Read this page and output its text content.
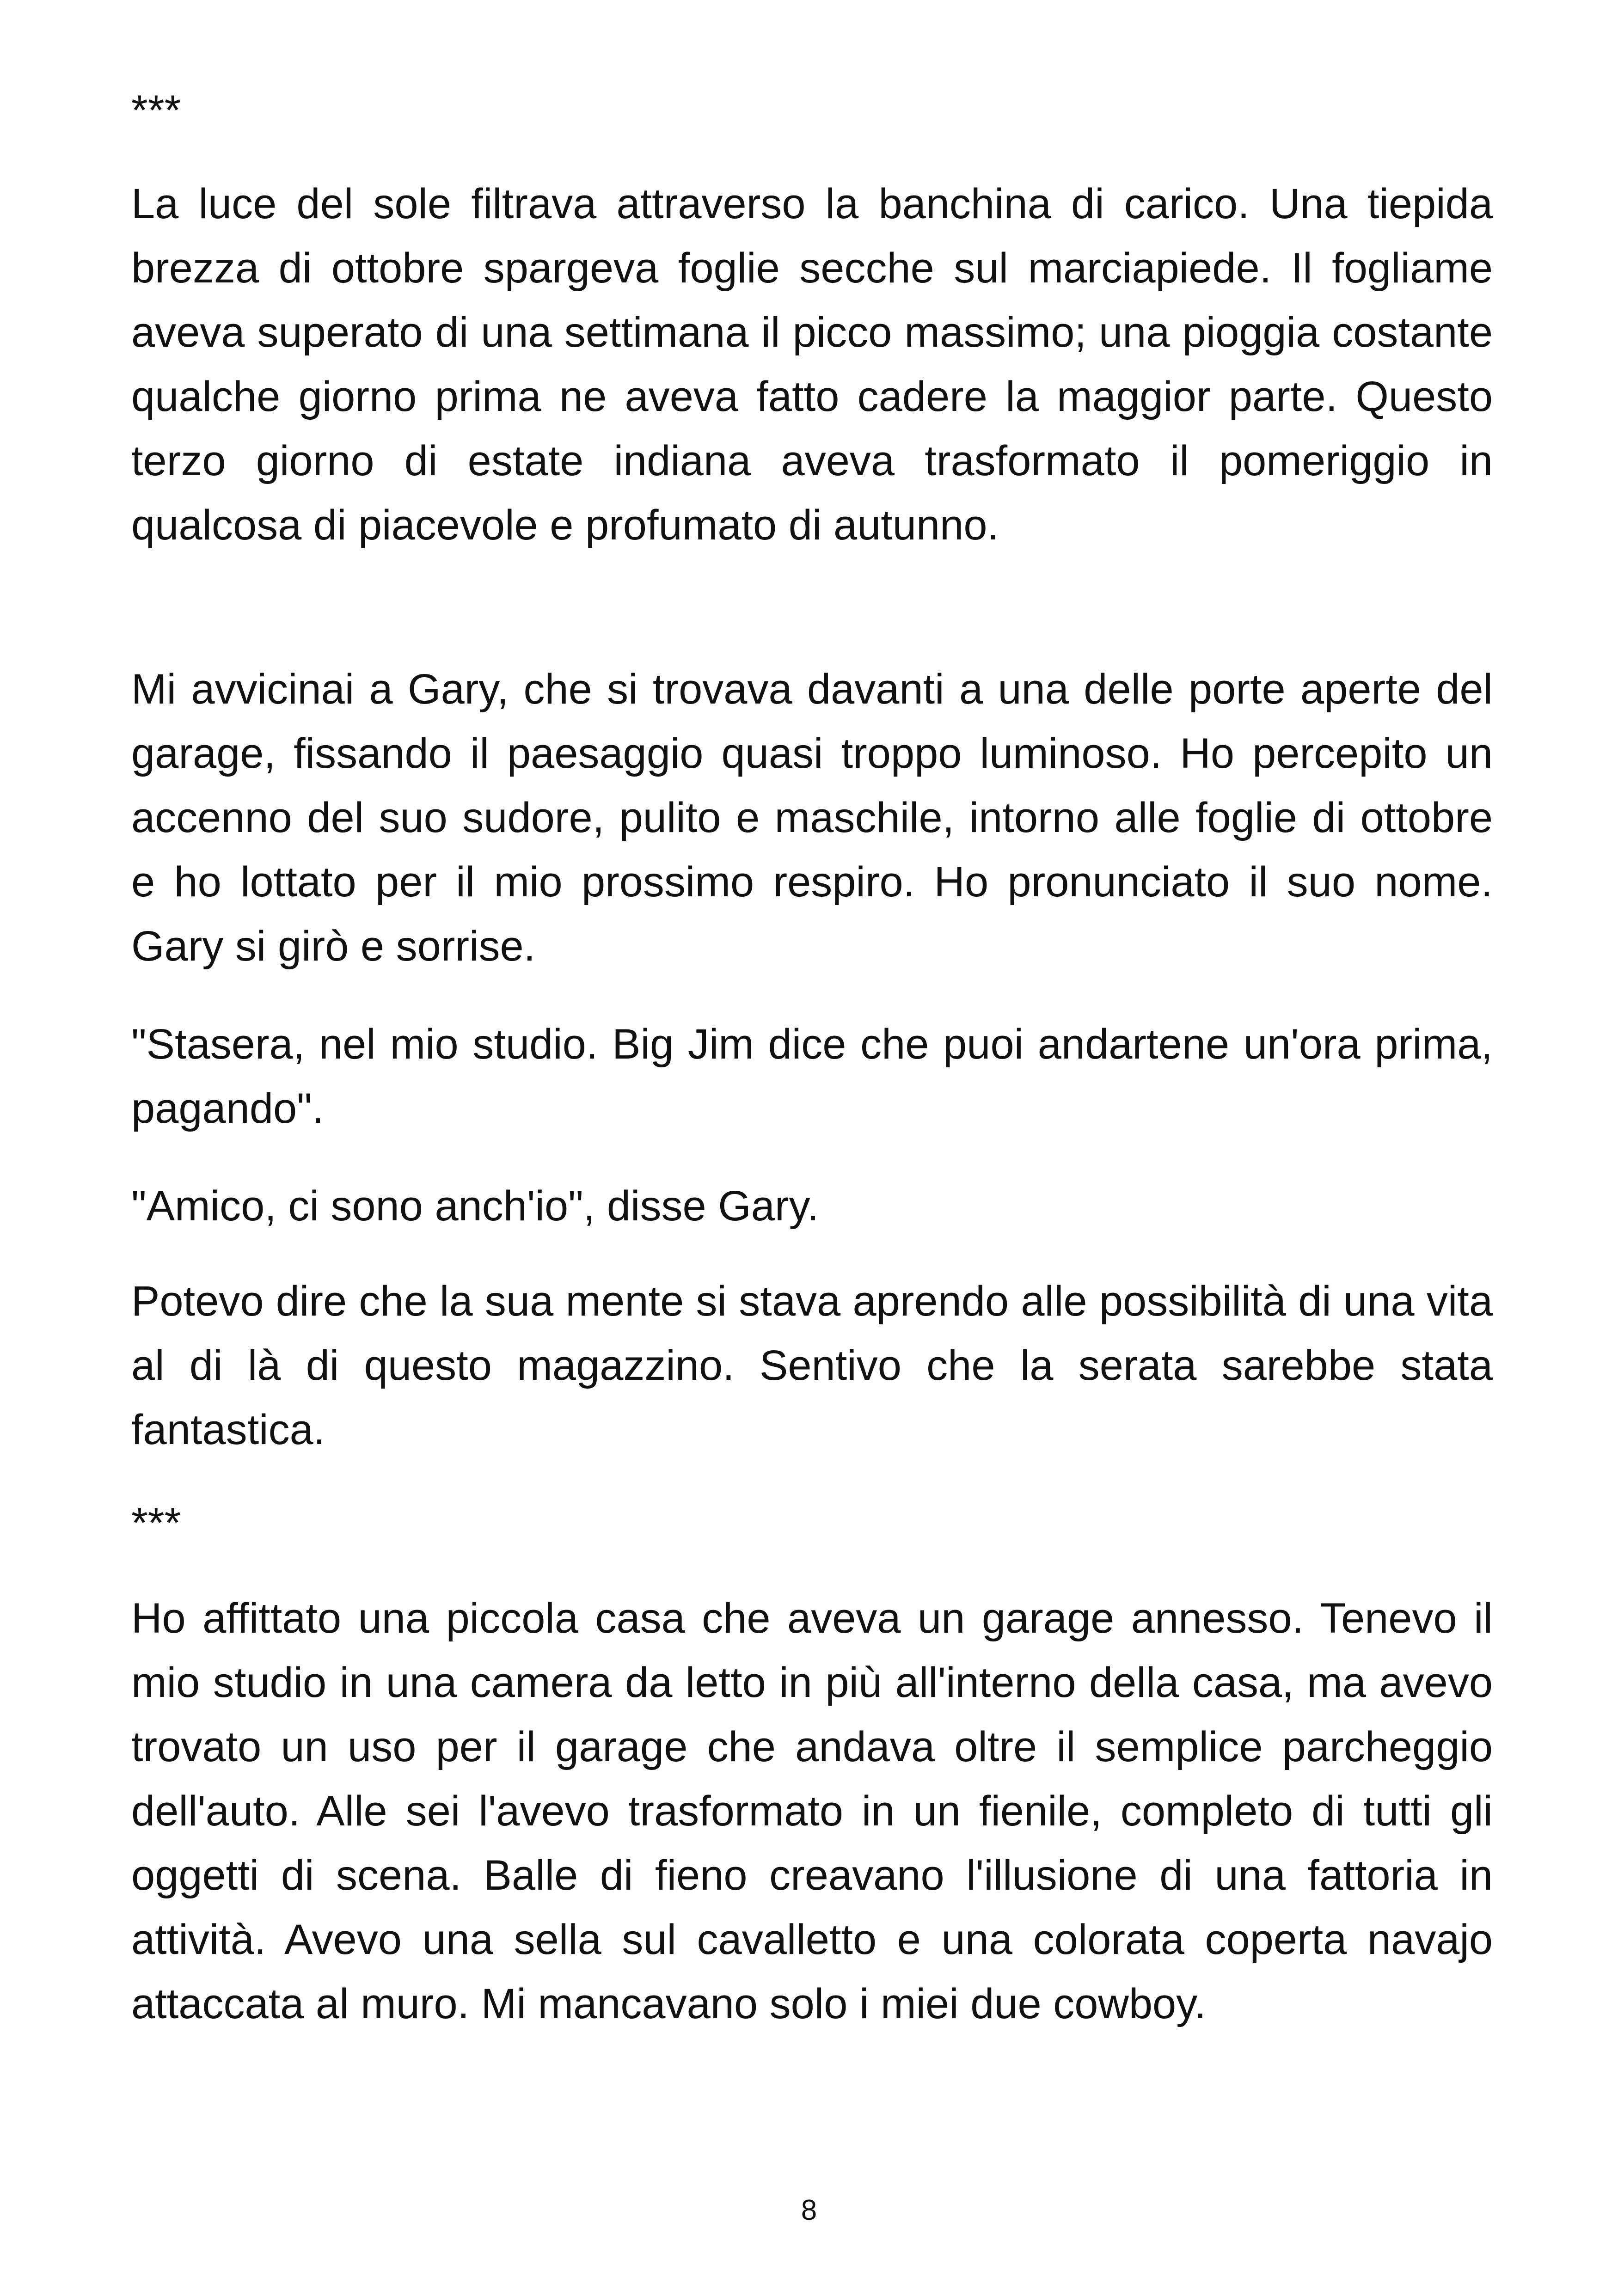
***

La luce del sole filtrava attraverso la banchina di carico. Una tiepida brezza di ottobre spargeva foglie secche sul marciapiede. Il fogliame aveva superato di una settimana il picco massimo; una pioggia costante qualche giorno prima ne aveva fatto cadere la maggior parte. Questo terzo giorno di estate indiana aveva trasformato il pomeriggio in qualcosa di piacevole e profumato di autunno.

Mi avvicinai a Gary, che si trovava davanti a una delle porte aperte del garage, fissando il paesaggio quasi troppo luminoso. Ho percepito un accenno del suo sudore, pulito e maschile, intorno alle foglie di ottobre e ho lottato per il mio prossimo respiro. Ho pronunciato il suo nome. Gary si girò e sorrise.

"Stasera, nel mio studio. Big Jim dice che puoi andartene un'ora prima, pagando".

"Amico, ci sono anch'io", disse Gary.

Potevo dire che la sua mente si stava aprendo alle possibilità di una vita al di là di questo magazzino. Sentivo che la serata sarebbe stata fantastica.

***

Ho affittato una piccola casa che aveva un garage annesso. Tenevo il mio studio in una camera da letto in più all'interno della casa, ma avevo trovato un uso per il garage che andava oltre il semplice parcheggio dell'auto. Alle sei l'avevo trasformato in un fienile, completo di tutti gli oggetti di scena. Balle di fieno creavano l'illusione di una fattoria in attività. Avevo una sella sul cavalletto e una colorata coperta navajo attaccata al muro. Mi mancavano solo i miei due cowboy.

8
